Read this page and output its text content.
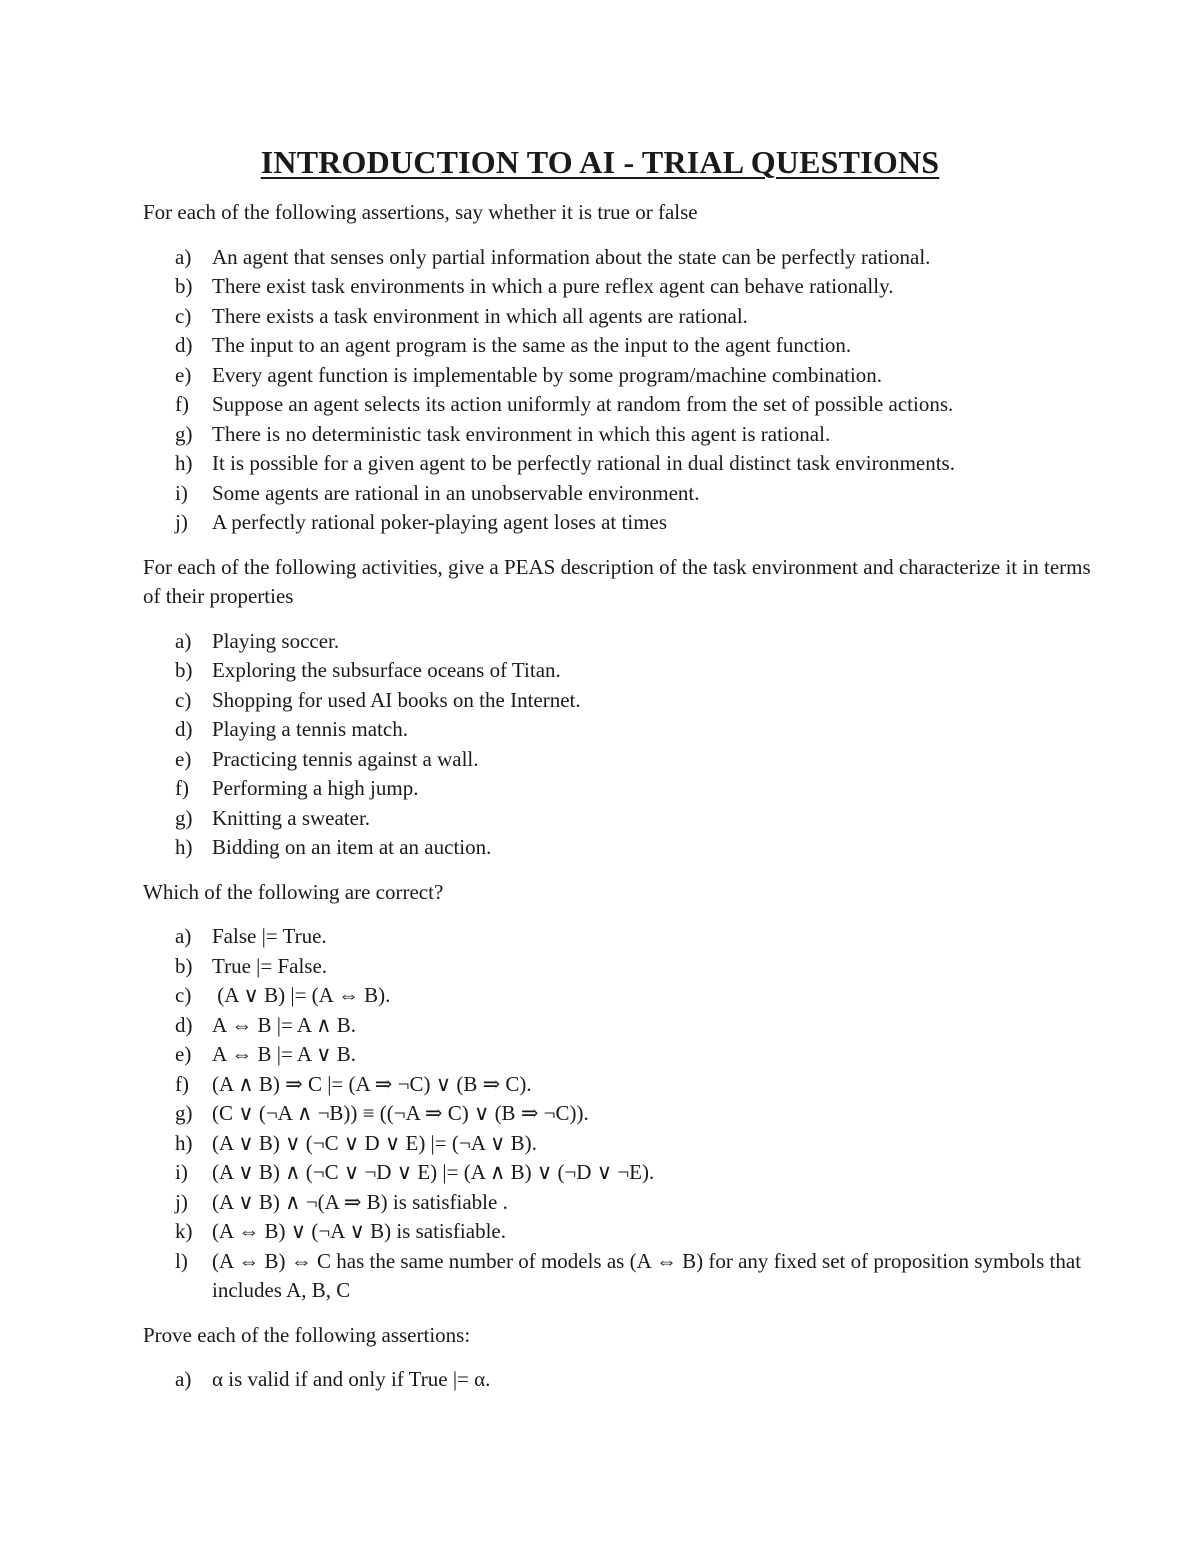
INTRODUCTION TO AI - TRIAL QUESTIONS

For each of the following assertions, say whether it is true or false

a) An agent that senses only partial information about the state can be perfectly rational.
b) There exist task environments in which a pure reflex agent can behave rationally.
c) There exists a task environment in which all agents are rational.
d) The input to an agent program is the same as the input to the agent function.
e) Every agent function is implementable by some program/machine combination.
f)	Suppose an agent selects its action uniformly at random from the set of possible actions.
g) There is no deterministic task environment in which this agent is rational.
h) It is possible for a given agent to be perfectly rational in dual distinct task environments.
i)	Some agents are rational in an unobservable environment.
j)	A perfectly rational poker-playing agent loses at times

For each of the following activities, give a PEAS description of the task environment and characterize it in terms of their properties

a) Playing soccer.
b) Exploring the subsurface oceans of Titan.
c) Shopping for used AI books on the Internet.
d) Playing a tennis match.
e) Practicing tennis against a wall.
f)	Performing a high jump.
g) Knitting a sweater.
h) Bidding on an item at an auction.

Which of the following are correct?

a) False |= True.
b) True |= False.
c) (A ∨ B) |= (A ⇔ B).
d) A ⇔ B |= A ∧ B.
e) A ⇔ B |= A ∨ B.
f)	(A ∧ B) ⇒ C |= (A ⇒ ¬C) ∨ (B ⇒ C).
g) (C ∨ (¬A ∧ ¬B)) ≡ ((¬A ⇒ C) ∨ (B ⇒ ¬C)).
h) (A ∨ B) ∨ (¬C ∨ D ∨ E) |= (¬A ∨ B).
i)	(A ∨ B) ∧ (¬C ∨ ¬D ∨ E) |= (A ∧ B) ∨ (¬D ∨ ¬E).
j)	(A ∨ B) ∧ ¬(A ⇒ B) is satisfiable .
k) (A ⇔ B) ∨ (¬A ∨ B) is satisfiable.
l)	(A ⇔ B) ⇔ C has the same number of models as (A ⇔ B) for any fixed set of proposition symbols that includes A, B, C

Prove each of the following assertions:

a) α is valid if and only if True |= α.
